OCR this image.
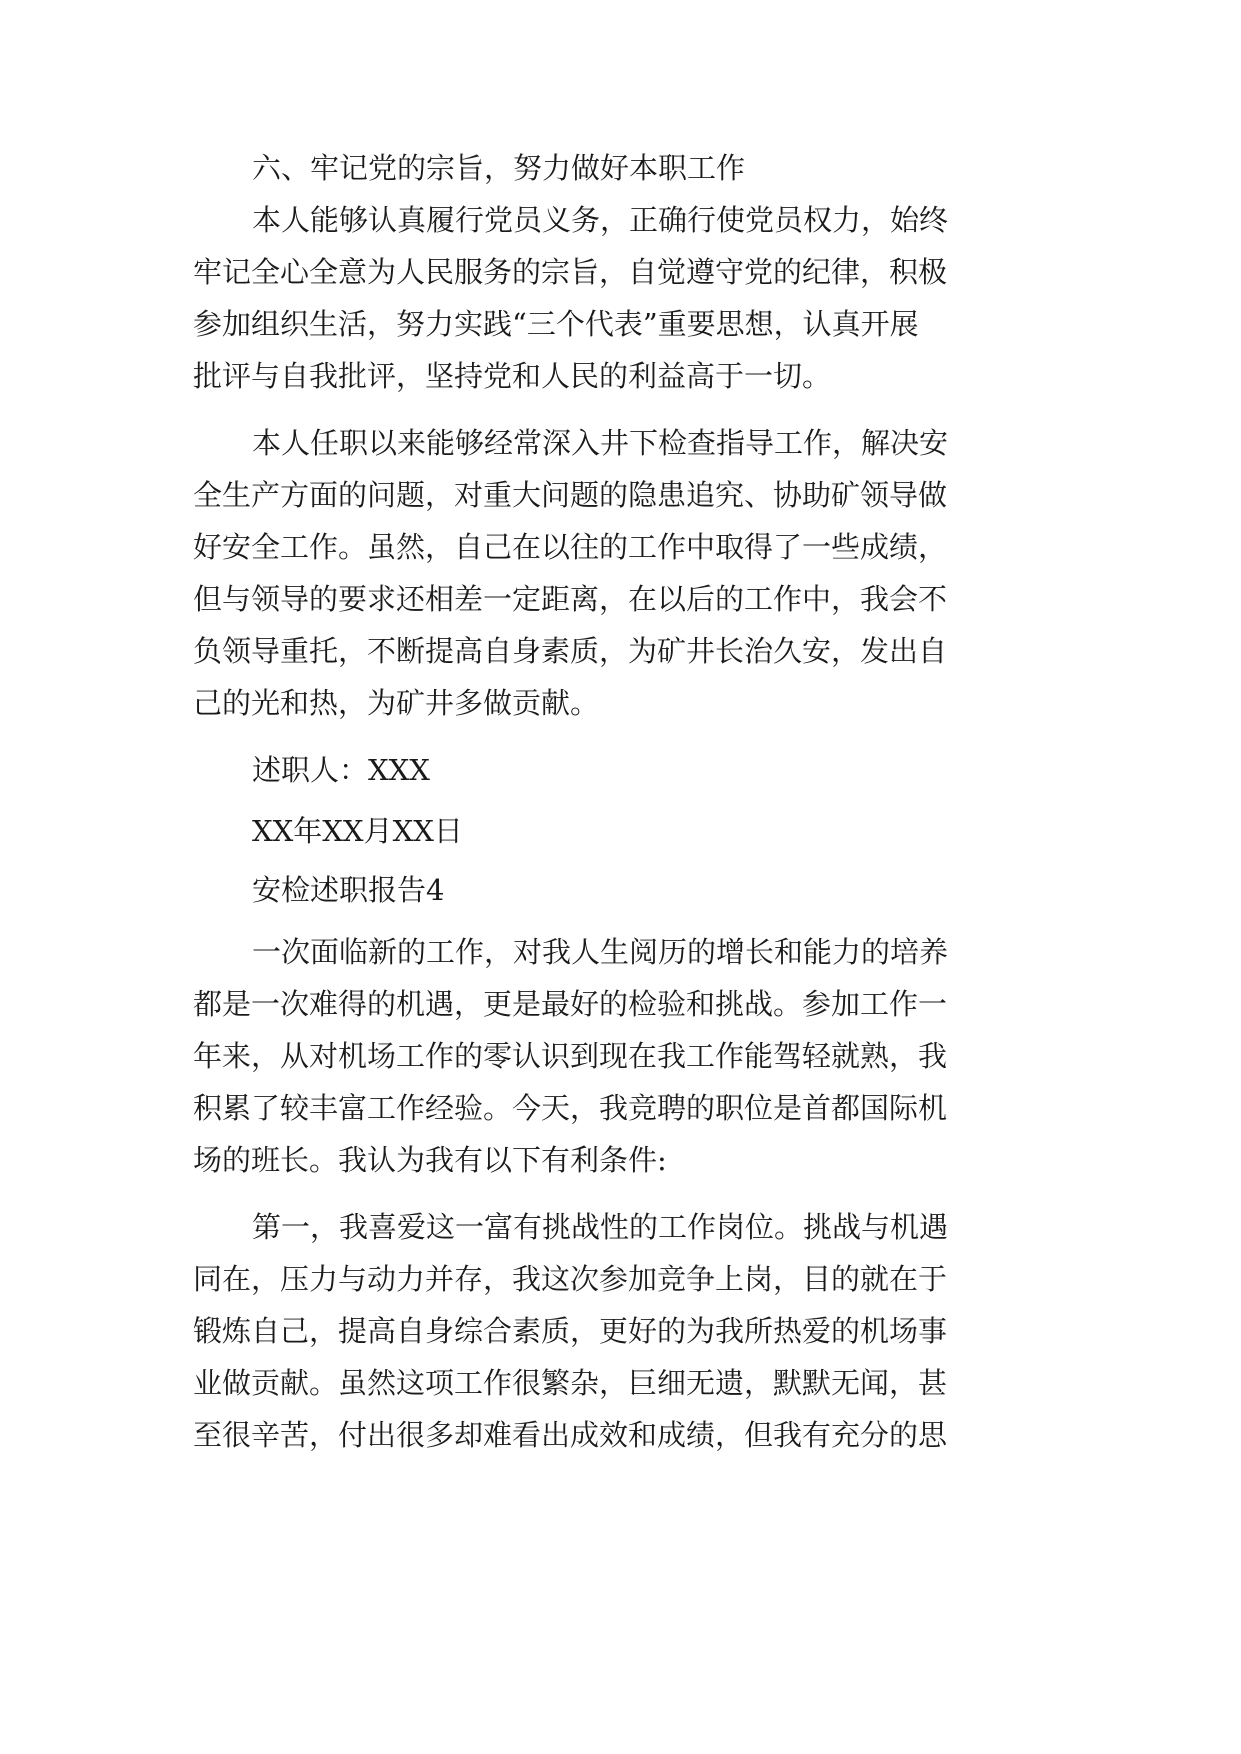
六、牢记党的宗旨，努力做好本职工作
本人能够认真履行党员义务，正确行使党员权力，始终
牢记全心全意为人民服务的宗旨，自觉遵守党的纪律，积极
参加组织生活，努力实践“三个代表”重要思想，认真开展
批评与自我批评，坚持党和人民的利益高于一切。
本人任职以来能够经常深入井下检查指导工作，解决安
全生产方面的问题，对重大问题的隐患追究、协助矿领导做
好安全工作。虽然，自己在以往的工作中取得了一些成绩，
但与领导的要求还相差一定距离，在以后的工作中，我会不
负领导重托，不断提高自身素质，为矿井长治久安，发出自
己的光和热，为矿井多做贡献。
述职人：XXX
XX年XX月XX日
安检述职报告4
一次面临新的工作，对我人生阅历的增长和能力的培养
都是一次难得的机遇，更是最好的检验和挑战。参加工作一
年来，从对机场工作的零认识到现在我工作能驾轻就熟，我
积累了较丰富工作经验。今天，我竞聘的职位是首都国际机
场的班长。我认为我有以下有利条件:
第一，我喜爱这一富有挑战性的工作岗位。挑战与机遇
同在，压力与动力并存，我这次参加竞争上岗，目的就在于
锻炼自己，提高自身综合素质，更好的为我所热爱的机场事
业做贡献。虽然这项工作很繁杂，巨细无遗，默默无闻，甚
至很辛苦，付出很多却难看出成效和成绩，但我有充分的思
